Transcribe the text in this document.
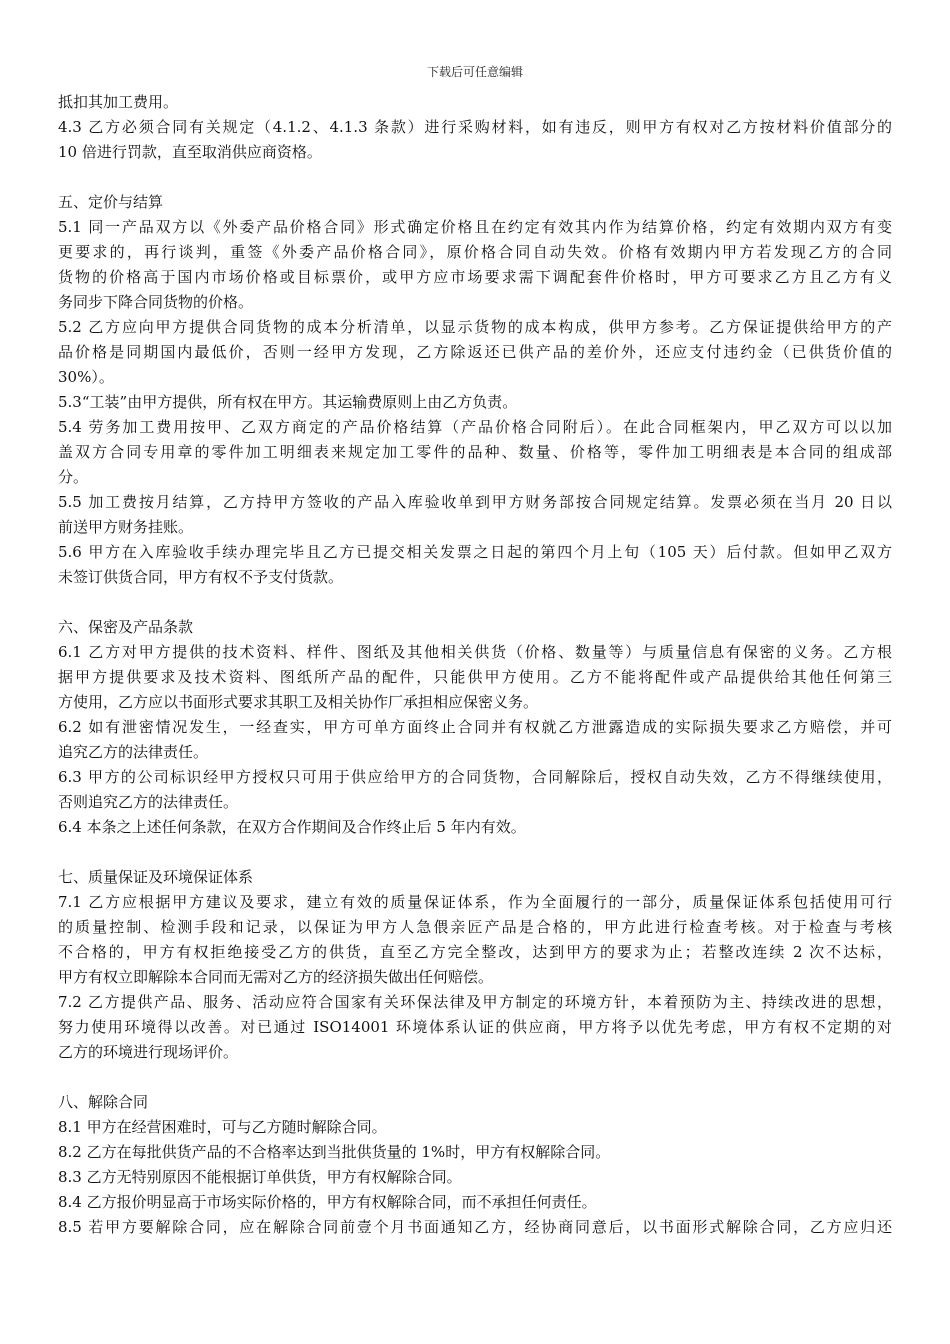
下载后可任意编辑
抵扣其加工费用。
4.3 乙方必须合同有关规定（4.1.2、4.1.3 条款）进行采购材料，如有违反，则甲方有权对乙方按材料价值部分的
10 倍进行罚款，直至取消供应商资格。
五、定价与结算
5.1 同一产品双方以《外委产品价格合同》形式确定价格且在约定有效其内作为结算价格，约定有效期内双方有变
更要求的，再行谈判，重签《外委产品价格合同》，原价格合同自动失效。价格有效期内甲方若发现乙方的合同
货物的价格高于国内市场价格或目标票价，或甲方应市场要求需下调配套件价格时，甲方可要求乙方且乙方有义
务同步下降合同货物的价格。
5.2 乙方应向甲方提供合同货物的成本分析清单，以显示货物的成本构成，供甲方参考。乙方保证提供给甲方的产
品价格是同期国内最低价，否则一经甲方发现，乙方除返还已供产品的差价外，还应支付违约金（已供货价值的
30%）。
5.3“工装”由甲方提供，所有权在甲方。其运输费原则上由乙方负责。
5.4 劳务加工费用按甲、乙双方商定的产品价格结算（产品价格合同附后）。在此合同框架内，甲乙双方可以以加
盖双方合同专用章的零件加工明细表来规定加工零件的品种、数量、价格等，零件加工明细表是本合同的组成部
分。
5.5 加工费按月结算，乙方持甲方签收的产品入库验收单到甲方财务部按合同规定结算。发票必须在当月 20 日以
前送甲方财务挂账。
5.6 甲方在入库验收手续办理完毕且乙方已提交相关发票之日起的第四个月上旬（105 天）后付款。但如甲乙双方
未签订供货合同，甲方有权不予支付货款。
六、保密及产品条款
6.1 乙方对甲方提供的技术资料、样件、图纸及其他相关供货（价格、数量等）与质量信息有保密的义务。乙方根
据甲方提供要求及技术资料、图纸所产品的配件，只能供甲方使用。乙方不能将配件或产品提供给其他任何第三
方使用，乙方应以书面形式要求其职工及相关协作厂承担相应保密义务。
6.2 如有泄密情况发生，一经查实，甲方可单方面终止合同并有权就乙方泄露造成的实际损失要求乙方赔偿，并可
追究乙方的法律责任。
6.3 甲方的公司标识经甲方授权只可用于供应给甲方的合同货物，合同解除后，授权自动失效，乙方不得继续使用，
否则追究乙方的法律责任。
6.4 本条之上述任何条款，在双方合作期间及合作终止后 5 年内有效。
七、质量保证及环境保证体系
7.1 乙方应根据甲方建议及要求，建立有效的质量保证体系，作为全面履行的一部分，质量保证体系包括使用可行
的质量控制、检测手段和记录，以保证为甲方人急偎亲匠产品是合格的，甲方此进行检查考核。对于检查与考核
不合格的，甲方有权拒绝接受乙方的供货，直至乙方完全整改，达到甲方的要求为止；若整改连续 2 次不达标，
甲方有权立即解除本合同而无需对乙方的经济损失做出任何赔偿。
7.2 乙方提供产品、服务、活动应符合国家有关环保法律及甲方制定的环境方针，本着预防为主、持续改进的思想，
努力使用环境得以改善。对已通过 ISO14001 环境体系认证的供应商，甲方将予以优先考虑，甲方有权不定期的对
乙方的环境进行现场评价。
八、解除合同
8.1 甲方在经营困难时，可与乙方随时解除合同。
8.2 乙方在每批供货产品的不合格率达到当批供货量的 1%时，甲方有权解除合同。
8.3 乙方无特别原因不能根据订单供货，甲方有权解除合同。
8.4 乙方报价明显高于市场实际价格的，甲方有权解除合同，而不承担任何责任。
8.5 若甲方要解除合同，应在解除合同前壹个月书面通知乙方，经协商同意后，以书面形式解除合同，乙方应归还
